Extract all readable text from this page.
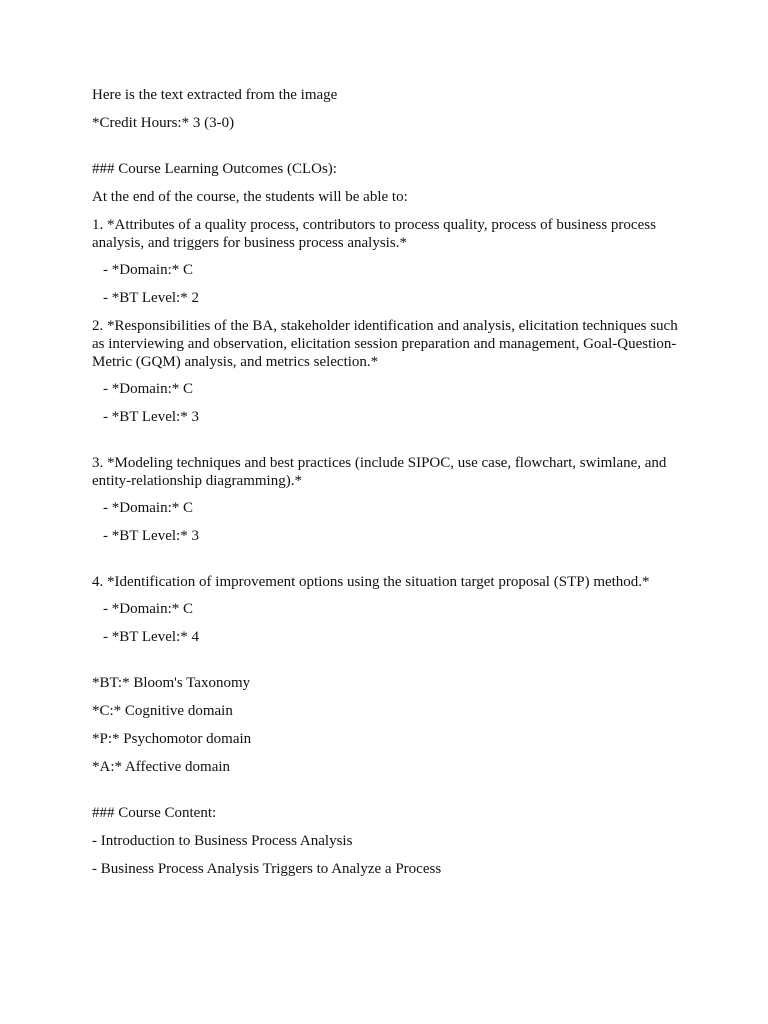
Here is the text extracted from the image
*Credit Hours:* 3 (3-0)
### Course Learning Outcomes (CLOs):
At the end of the course, the students will be able to:
1. *Attributes of a quality process, contributors to process quality, process of business process analysis, and triggers for business process analysis.*
- *Domain:* C
- *BT Level:* 2
2. *Responsibilities of the BA, stakeholder identification and analysis, elicitation techniques such as interviewing and observation, elicitation session preparation and management, Goal-Question-Metric (GQM) analysis, and metrics selection.*
- *Domain:* C
- *BT Level:* 3
3. *Modeling techniques and best practices (include SIPOC, use case, flowchart, swimlane, and entity-relationship diagramming).*
- *Domain:* C
- *BT Level:* 3
4. *Identification of improvement options using the situation target proposal (STP) method.*
- *Domain:* C
- *BT Level:* 4
*BT:* Bloom's Taxonomy
*C:* Cognitive domain
*P:* Psychomotor domain
*A:* Affective domain
### Course Content:
- Introduction to Business Process Analysis
- Business Process Analysis Triggers to Analyze a Process
